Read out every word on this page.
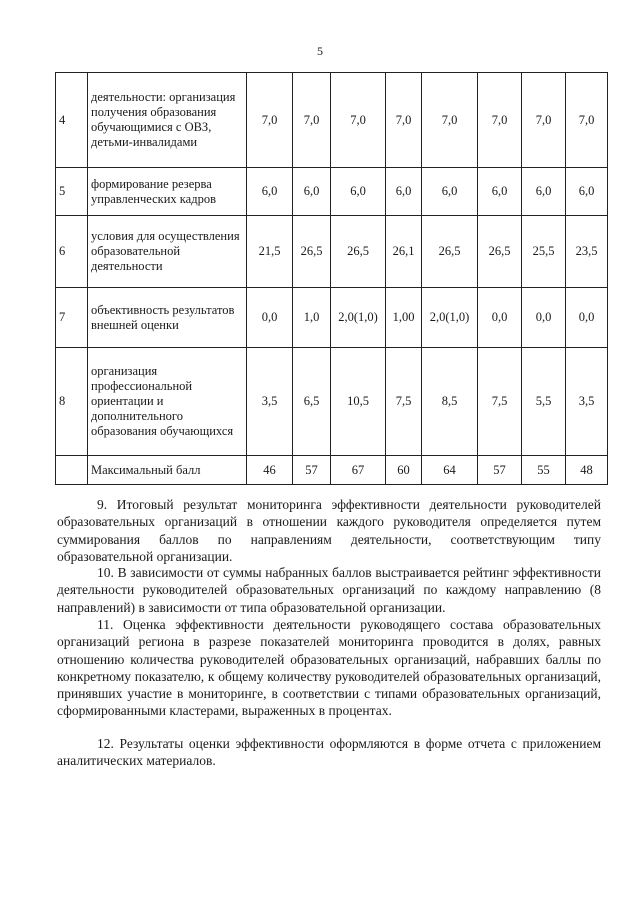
5
4	деятельности: организация получения образования обучающимися с ОВЗ, детьми-инвалидами	7,0	7,0	7,0	7,0	7,0	7,0	7,0	7,0
5	формирование резерва управленческих кадров	6,0	6,0	6,0	6,0	6,0	6,0	6,0	6,0
6	условия для осуществления образовательной деятельности	21,5	26,5	26,5	26,1	26,5	26,5	25,5	23,5
7	объективность результатов внешней оценки	0,0	1,0	2,0(1,0)	1,00	2,0(1,0)	0,0	0,0	0,0
8	организация профессиональной ориентации и дополнительного образования обучающихся	3,5	6,5	10,5	7,5	8,5	7,5	5,5	3,5
	Максимальный балл	46	57	67	60	64	57	55	48

9. Итоговый результат мониторинга эффективности деятельности руководителей образовательных организаций в отношении каждого руководителя определяется путем суммирования баллов по направлениям деятельности, соответствующим типу образовательной организации.

10. В зависимости от суммы набранных баллов выстраивается рейтинг эффективности деятельности руководителей образовательных организаций по каждому направлению (8 направлений) в зависимости от типа образовательной организации.

11. Оценка эффективности деятельности руководящего состава образовательных организаций региона в разрезе показателей мониторинга проводится в долях, равных отношению количества руководителей образовательных организаций, набравших баллы по конкретному показателю, к общему количеству руководителей образовательных организаций, принявших участие в мониторинге, в соответствии с типами образовательных организаций, сформированными кластерами, выраженных в процентах.

12. Результаты оценки эффективности оформляются в форме отчета с приложением аналитических материалов.
